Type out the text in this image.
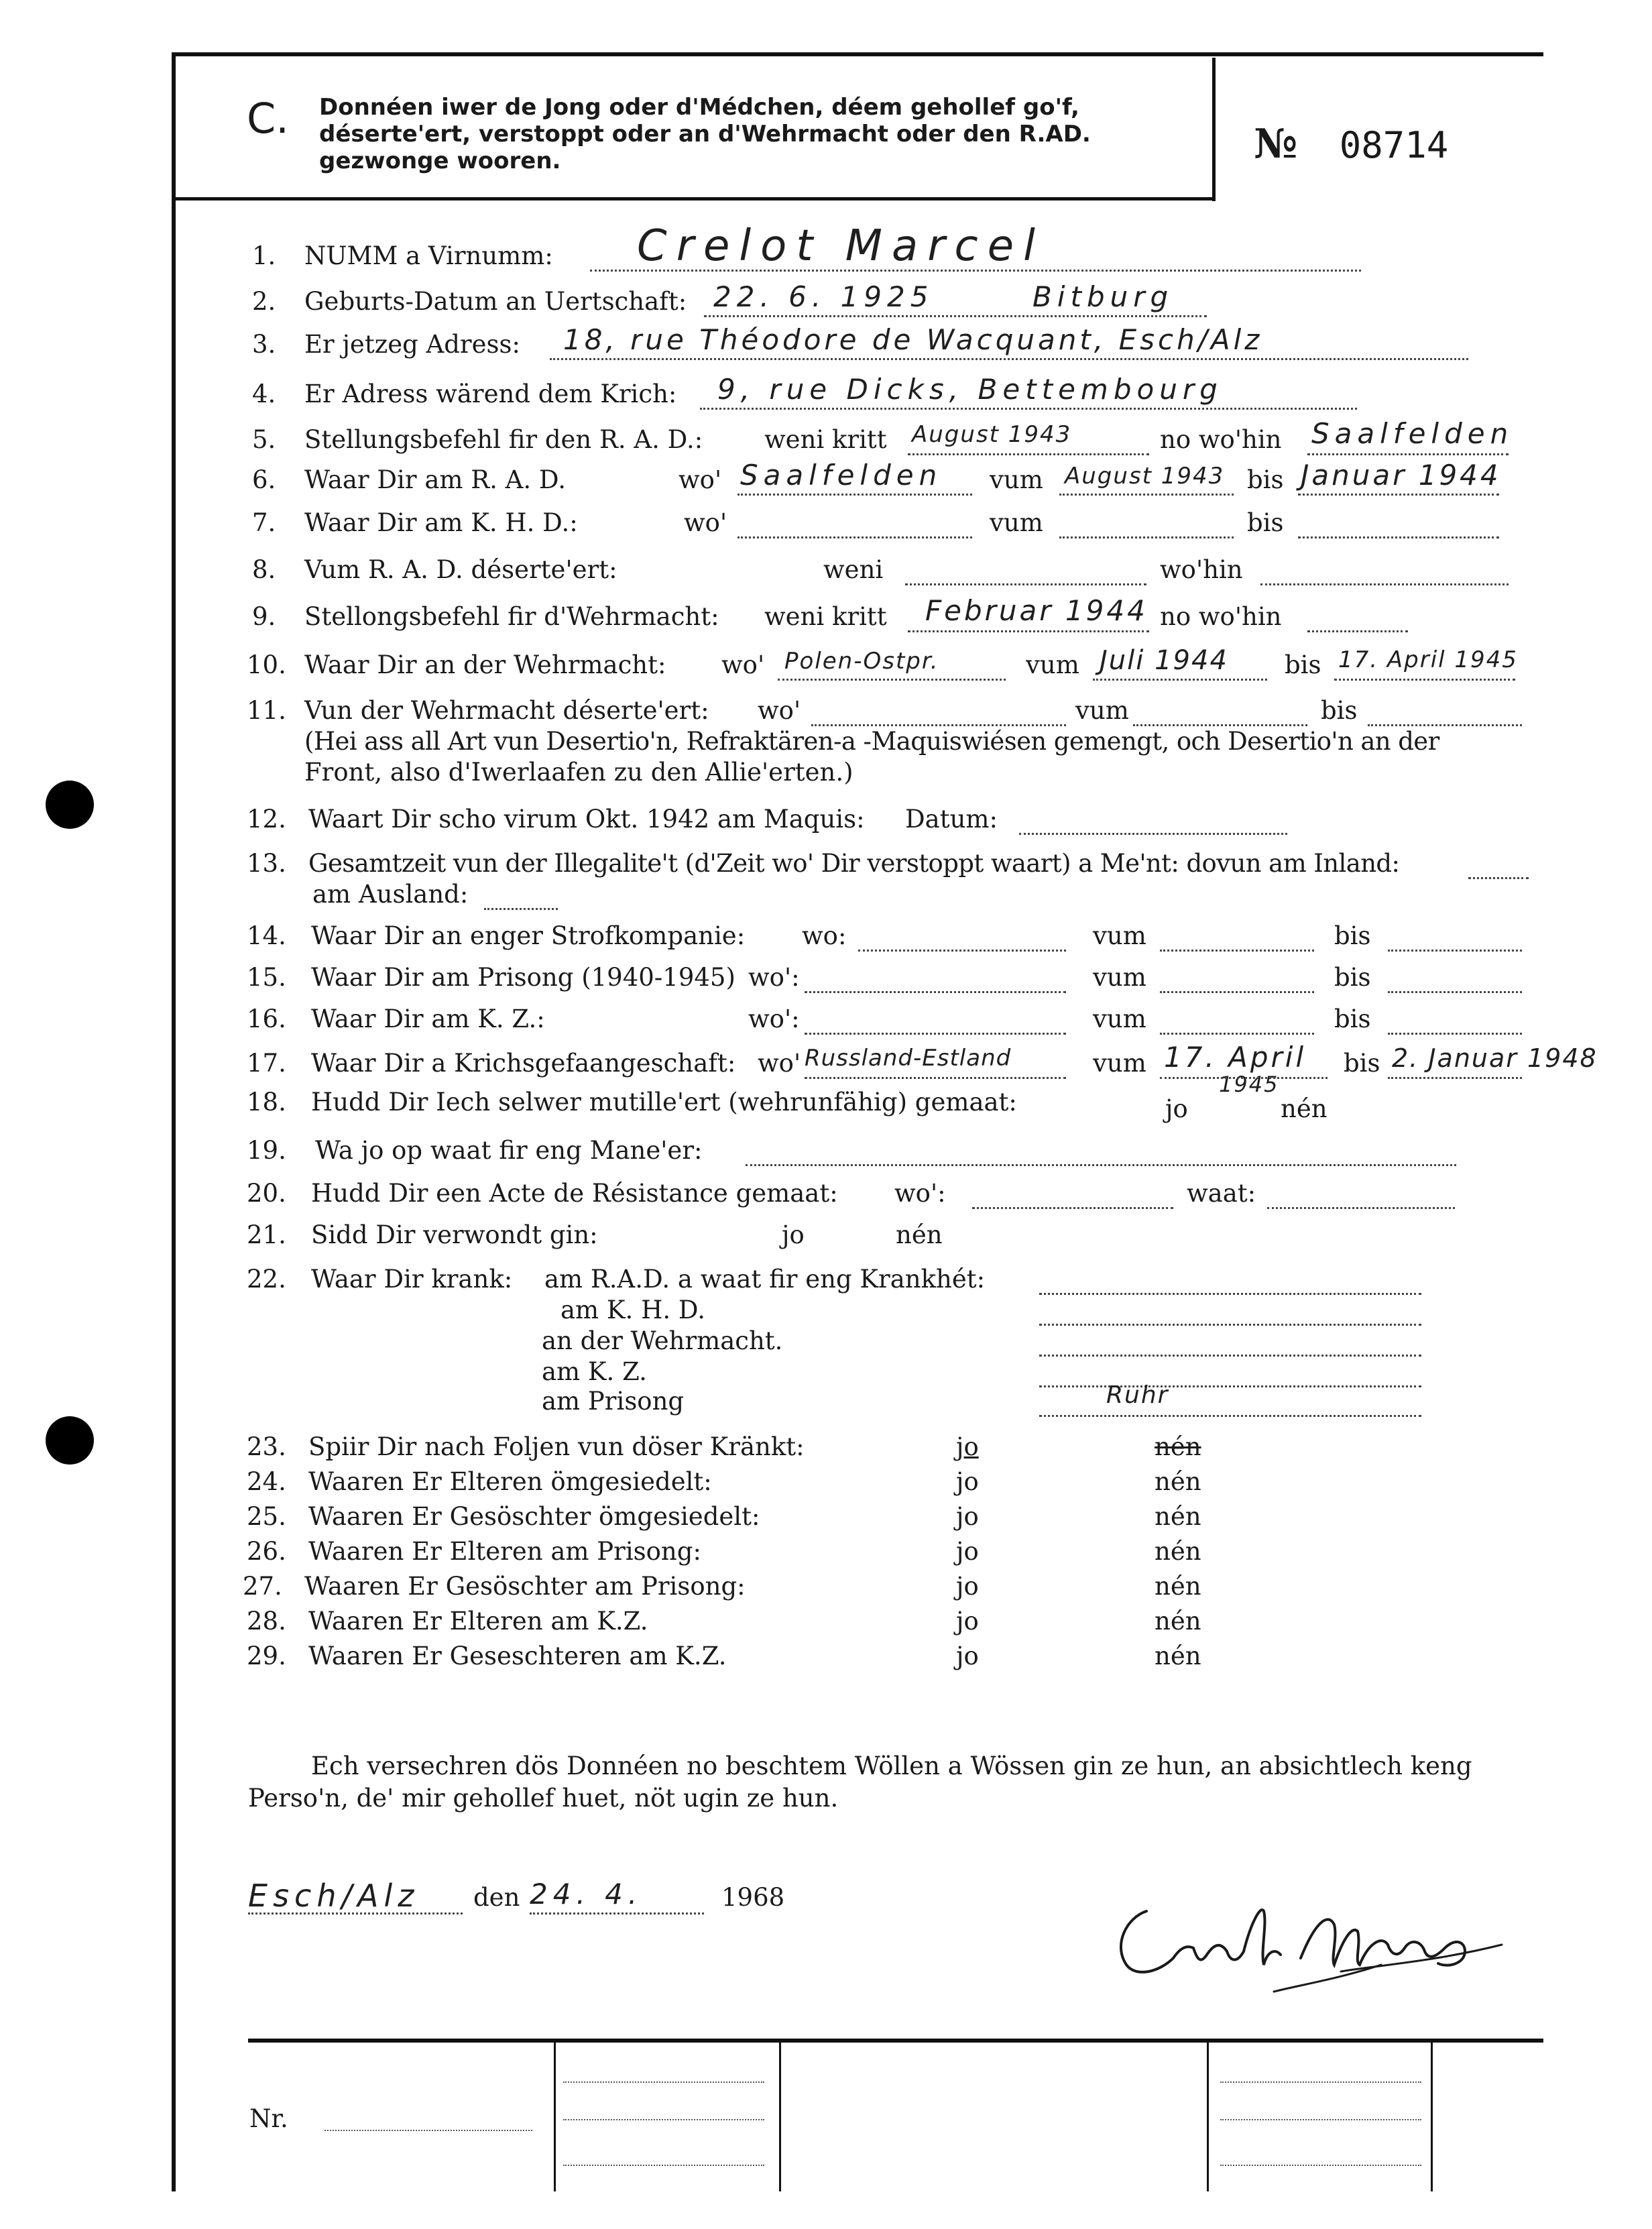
C. Donnéen iwer de Jong oder d'Médchen, déem gehollef go'f, déserte'ert, verstoppt oder an d'Wehrmacht oder den R.AD. gezwonge wooren.	№ 08714
1. NUMM a Virnumm: Crelot Marcel
2. Geburts-Datum an Uertschaft: 22. 6. 1925	Bitburg
3. Er jetzeg Adress: 18, rue Théodore de Wacquant, Esch/Alz
4. Er Adress wärend dem Krich: 9, rue Dicks, Bettembourg
5. Stellungsbefehl fir den R. A. D.: weni kritt August 1943	no wo'hin Saalfelden
6. Waar Dir am R. A. D.	wo' Saalfelden vum August 1943 bis Januar 1944
7. Waar Dir am K. H. D.:	wo'	vum	bis
8. Vum R. A. D. déserte'ert:	weni	wo'hin
9. Stellongsbefehl fir d'Wehrmacht: weni kritt Februar 1944 no wo'hin
10. Waar Dir an der Wehrmacht: wo' Polen-Ostpr.	vum Juli 1944 bis 17. April 1945
11. Vun der Wehrmacht déserte'ert: wo'	vum	bis
(Hei ass all Art vun Desertio'n, Refraktären-a -Maquiswiésen gemengt, och Desertio'n an der
Front, also d'Iwerlaafen zu den Allie'erten.)
12. Waart Dir scho virum Okt. 1942 am Maquis: Datum:
13. Gesamtzeit vun der Illegalite't (d'Zeit wo' Dir verstoppt waart) a Me'nt: dovun am Inland:
am Ausland:
14. Waar Dir an enger Strofkompanie: wo:	vum	bis
15. Waar Dir am Prisong (1940-1945) wo':	vum	bis
16. Waar Dir am K. Z.:	wo':	vum	bis
17. Waar Dir a Krichsgefaangeschaft: wo' Russland-Estland	vum 17. April
1945
bis 2. Januar 1948
18. Hudd Dir Iech selwer mutille'ert (wehrunfähig) gemaat:	jo	nén
19. Wa jo op waat fir eng Mane'er:
20. Hudd Dir een Acte de Résistance gemaat: wo':	waat:
21. Sidd Dir verwondt gin:	jo	nén
22. Waar Dir krank: am R.A.D. a waat fir eng Krankhét:
am K. H. D.
an der Wehrmacht.
am K. Z.
am Prisong	Ruhr
23. Spiir Dir nach Foljen vun döser Kränkt:	jo	nén
24. Waaren Er Elteren ömgesiedelt:	jo	nén
25. Waaren Er Gesöschter ömgesiedelt:	jo	nén
26. Waaren Er Elteren am Prisong:	jo	nén
27. Waaren Er Gesöschter am Prisong:	jo	nén
28. Waaren Er Elteren am K.Z.	jo	nén
29. Waaren Er Geseschteren am K.Z.	jo	nén
Ech versechren dös Donnéen no beschtem Wöllen a Wössen gin ze hun, an absichtlech keng
Perso'n, de' mir gehollef huet, nöt ugin ze hun.
Esch/Alz den 24. 4.	1968
Nr.
